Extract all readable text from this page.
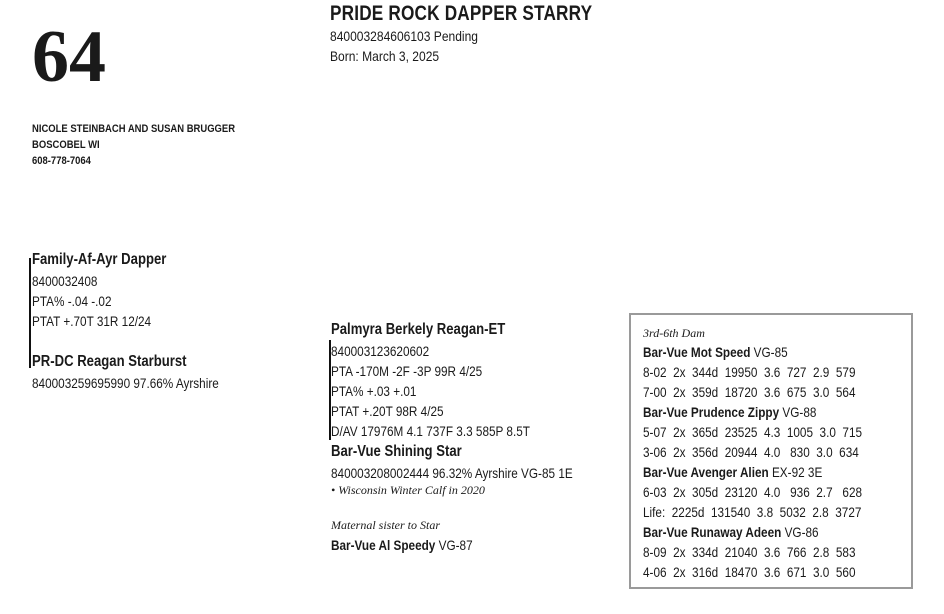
64
PRIDE ROCK DAPPER STARRY
840003284606103 Pending
Born: March 3, 2025
NICOLE STEINBACH AND SUSAN BRUGGER
BOSCOBEL WI
608-778-7064
Family-Af-Ayr Dapper
8400032408
PTA% -.04 -.02
PTAT +.70T 31R 12/24
PR-DC Reagan Starburst
840003259695990 97.66% Ayrshire
Palmyra Berkely Reagan-ET
840003123620602
PTA -170M -2F -3P 99R 4/25
PTA% +.03 +.01
PTAT +.20T 98R 4/25
D/AV 17976M 4.1 737F 3.3 585P 8.5T
Bar-Vue Shining Star
840003208002444 96.32% Ayrshire VG-85 1E
• Wisconsin Winter Calf in 2020
Maternal sister to Star
Bar-Vue Al Speedy VG-87
3rd-6th Dam
Bar-Vue Mot Speed VG-85
8-02  2x  344d  19950  3.6  727  2.9  579
7-00  2x  359d  18720  3.6  675  3.0  564
Bar-Vue Prudence Zippy VG-88
5-07  2x  365d  23525  4.3  1005  3.0  715
3-06  2x  356d  20944  4.0   830  3.0  634
Bar-Vue Avenger Alien EX-92 3E
6-03  2x  305d  23120  4.0   936  2.7   628
Life:  2225d  131540  3.8  5032  2.8  3727
Bar-Vue Runaway Adeen VG-86
8-09  2x  334d  21040  3.6  766  2.8  583
4-06  2x  316d  18470  3.6  671  3.0  560
